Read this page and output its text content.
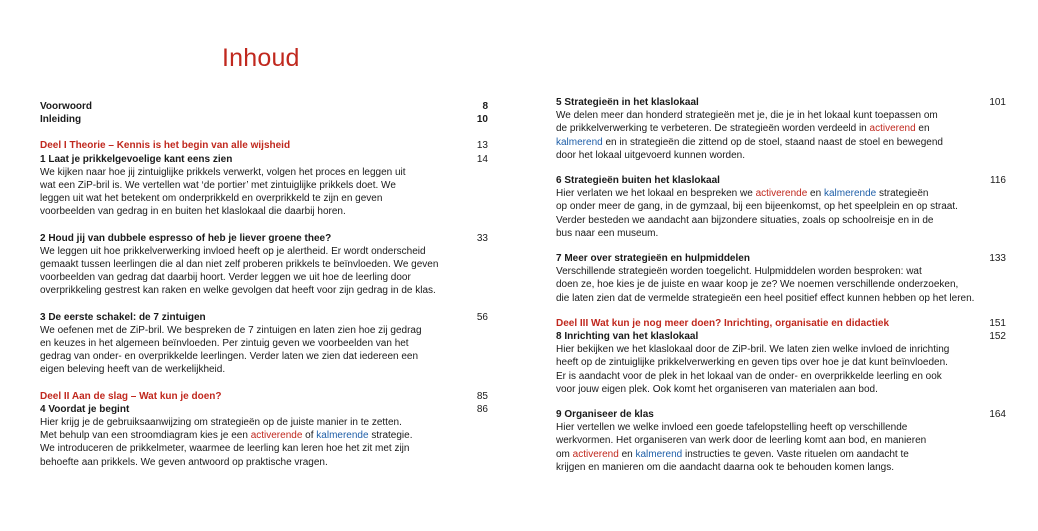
Inhoud
Voorwoord	8
Inleiding	10
Deel I Theorie – Kennis is het begin van alle wijsheid	13
1 Laat je prikkelgevoelige kant eens zien	14
We kijken naar hoe jij zintuiglijke prikkels verwerkt, volgen het proces en leggen uit
wat een ZiP-bril is. We vertellen wat ‘de portier’ met zintuiglijke prikkels doet. We
leggen uit wat het betekent om onderprikkeld en overprikkeld te zijn en geven
voorbeelden van gedrag in en buiten het klaslokaal die daarbij horen.
2 Houd jij van dubbele espresso of heb je liever groene thee?	33
We leggen uit hoe prikkelverwerking invloed heeft op je alertheid. Er wordt onderscheid
gemaakt tussen leerlingen die al dan niet zelf proberen prikkels te beïnvloeden. We geven
voorbeelden van gedrag dat daarbij hoort. Verder leggen we uit hoe de leerling door
overprikkeling gestrest kan raken en welke gevolgen dat heeft voor zijn gedrag in de klas.
3 De eerste schakel: de 7 zintuigen	56
We oefenen met de ZiP-bril. We bespreken de 7 zintuigen en laten zien hoe zij gedrag
en keuzes in het algemeen beïnvloeden. Per zintuig geven we voorbeelden van het
gedrag van onder- en overprikkelde leerlingen. Verder laten we zien dat iedereen een
eigen beleving heeft van de werkelijkheid.
Deel II Aan de slag – Wat kun je doen?	85
4 Voordat je begint	86
Hier krijg je de gebruiksaanwijzing om strategieën op de juiste manier in te zetten.
Met behulp van een stroomdiagram kies je een activerende of kalmerende strategie.
We introduceren de prikkelmeter, waarmee de leerling kan leren hoe het zit met zijn
behoefte aan prikkels. We geven antwoord op praktische vragen.
5 Strategieën in het klaslokaal	101
We delen meer dan honderd strategieën met je, die je in het lokaal kunt toepassen om
de prikkelverwerking te verbeteren. De strategieën worden verdeeld in activerend en
kalmerend en in strategieën die zittend op de stoel, staand naast de stoel en bewegend
door het lokaal uitgevoerd kunnen worden.
6 Strategieën buiten het klaslokaal	116
Hier verlaten we het lokaal en bespreken we activerende en kalmerende strategieën
op onder meer de gang, in de gymzaal, bij een bijeenkomst, op het speelplein en op straat.
Verder besteden we aandacht aan bijzondere situaties, zoals op schoolreisje en in de
bus naar een museum.
7 Meer over strategieën en hulpmiddelen	133
Verschillende strategieën worden toegelicht. Hulpmiddelen worden besproken: wat
doen ze, hoe kies je de juiste en waar koop je ze? We noemen verschillende onderzoeken,
die laten zien dat de vermelde strategieën een heel positief effect kunnen hebben op het leren.
Deel III Wat kun je nog meer doen? Inrichting, organisatie en didactiek	151
8 Inrichting van het klaslokaal	152
Hier bekijken we het klaslokaal door de ZiP-bril. We laten zien welke invloed de inrichting
heeft op de zintuiglijke prikkelverwerking en geven tips over hoe je dat kunt beïnvloeden.
Er is aandacht voor de plek in het lokaal van de onder- en overprikkelde leerling en ook
voor jouw eigen plek. Ook komt het organiseren van materialen aan bod.
9 Organiseer de klas	164
Hier vertellen we welke invloed een goede tafelopstelling heeft op verschillende
werkvormen. Het organiseren van werk door de leerling komt aan bod, en manieren
om activerend en kalmerend instructies te geven. Vaste rituelen om aandacht te
krijgen en manieren om die aandacht daarna ook te behouden komen langs.
